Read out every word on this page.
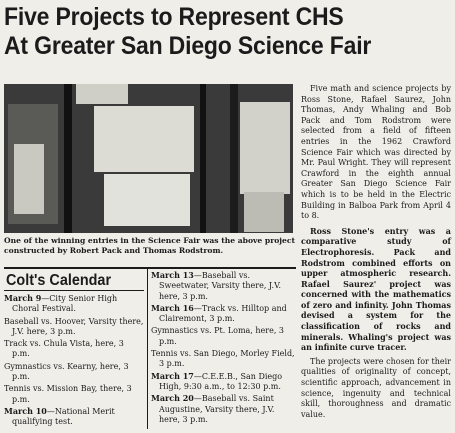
Five Projects to Represent CHS
At Greater San Diego Science Fair
One of the winning entries in the Science Fair was the above project constructed by Robert Pack and Thomas Rodstrom.

Five math and science projects by Ross Stone, Rafael Saurez, John Thomas, Andy Whaling and Bob Pack and Tom Rodstrom were selected from a field of fifteen entries in the 1962 Crawford Science Fair which was directed by Mr. Paul Wright. They will represent Crawford in the eighth annual Greater San Diego Science Fair which is to be held in the Electric Building in Balboa Park from April 4 to 8.

Ross Stone's entry was a comparative study of Electrophoresis. Pack and Rodstrom combined efforts on upper atmospheric research. Rafael Saurez' project was concerned with the mathematics of zero and infinity. John Thomas devised a system for the classification of rocks and minerals. Whaling's project was an infinite curve tracer.

The projects were chosen for their qualities of originality of concept, scientific approach, advancement in science, ingenuity and technical skill, thoroughness and dramatic value.

Colt's Calendar
March 9—City Senior High Choral Festival.
Baseball vs. Hoover, Varsity there, J.V. here, 3 p.m.
Track vs. Chula Vista, here, 3 p.m.
Gymnastics vs. Kearny, here, 3 p.m.
Tennis vs. Mission Bay, there, 3 p.m.
March 10—National Merit qualifying test.
March 13—Baseball vs. Sweetwater, Varsity there, J.V. here, 3 p.m.
March 16—Track vs. Hilltop and Clairemont, 3 p.m.
Gymnastics vs. Pt. Loma, here, 3 p.m.
Tennis vs. San Diego, Morley Field, 3 p.m.
March 17—C.E.E.B., San Diego High, 9:30 a.m., to 12:30 p.m.
March 20—Baseball vs. Saint Augustine, Varsity there, J.V. here, 3 p.m.
